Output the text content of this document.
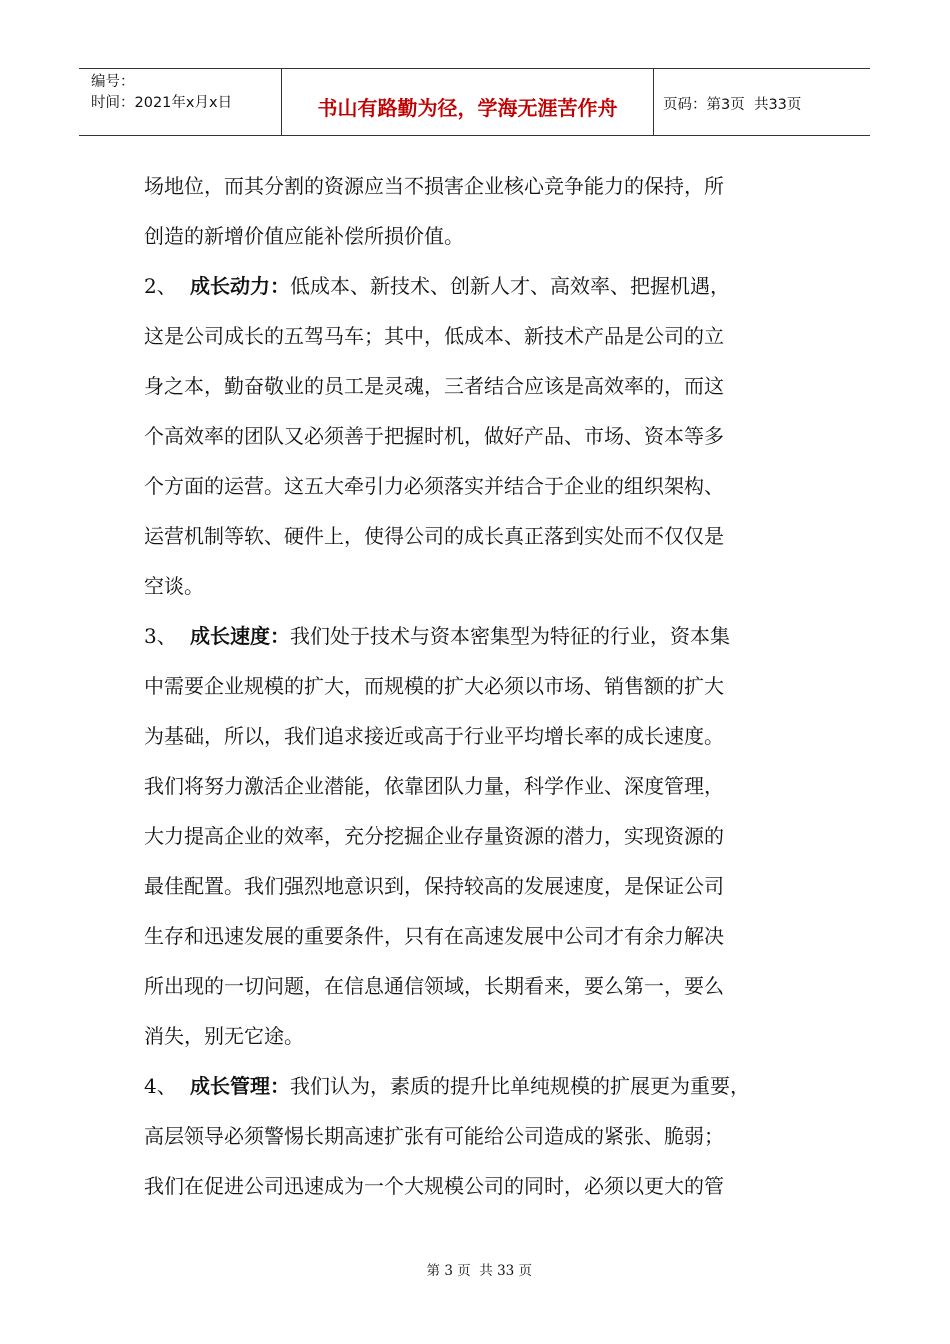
编号：
时间：2021年x月x日	书山有路勤为径，学海无涯苦作舟	页码：第3页  共33页
场地位，而其分割的资源应当不损害企业核心竞争能力的保持，所
创造的新增价值应能补偿所损价值。
2、 成长动力：低成本、新技术、创新人才、高效率、把握机遇，
这是公司成长的五驾马车；其中，低成本、新技术产品是公司的立
身之本，勤奋敬业的员工是灵魂，三者结合应该是高效率的，而这
个高效率的团队又必须善于把握时机，做好产品、市场、资本等多
个方面的运营。这五大牵引力必须落实并结合于企业的组织架构、
运营机制等软、硬件上，使得公司的成长真正落到实处而不仅仅是
空谈。
3、 成长速度：我们处于技术与资本密集型为特征的行业，资本集
中需要企业规模的扩大，而规模的扩大必须以市场、销售额的扩大
为基础，所以，我们追求接近或高于行业平均增长率的成长速度。
我们将努力激活企业潜能，依靠团队力量，科学作业、深度管理，
大力提高企业的效率，充分挖掘企业存量资源的潜力，实现资源的
最佳配置。我们强烈地意识到，保持较高的发展速度，是保证公司
生存和迅速发展的重要条件，只有在高速发展中公司才有余力解决
所出现的一切问题，在信息通信领域，长期看来，要么第一，要么
消失，别无它途。
4、 成长管理：我们认为，素质的提升比单纯规模的扩展更为重要，
高层领导必须警惕长期高速扩张有可能给公司造成的紧张、脆弱；
我们在促进公司迅速成为一个大规模公司的同时，必须以更大的管

第 3 页  共 33 页
